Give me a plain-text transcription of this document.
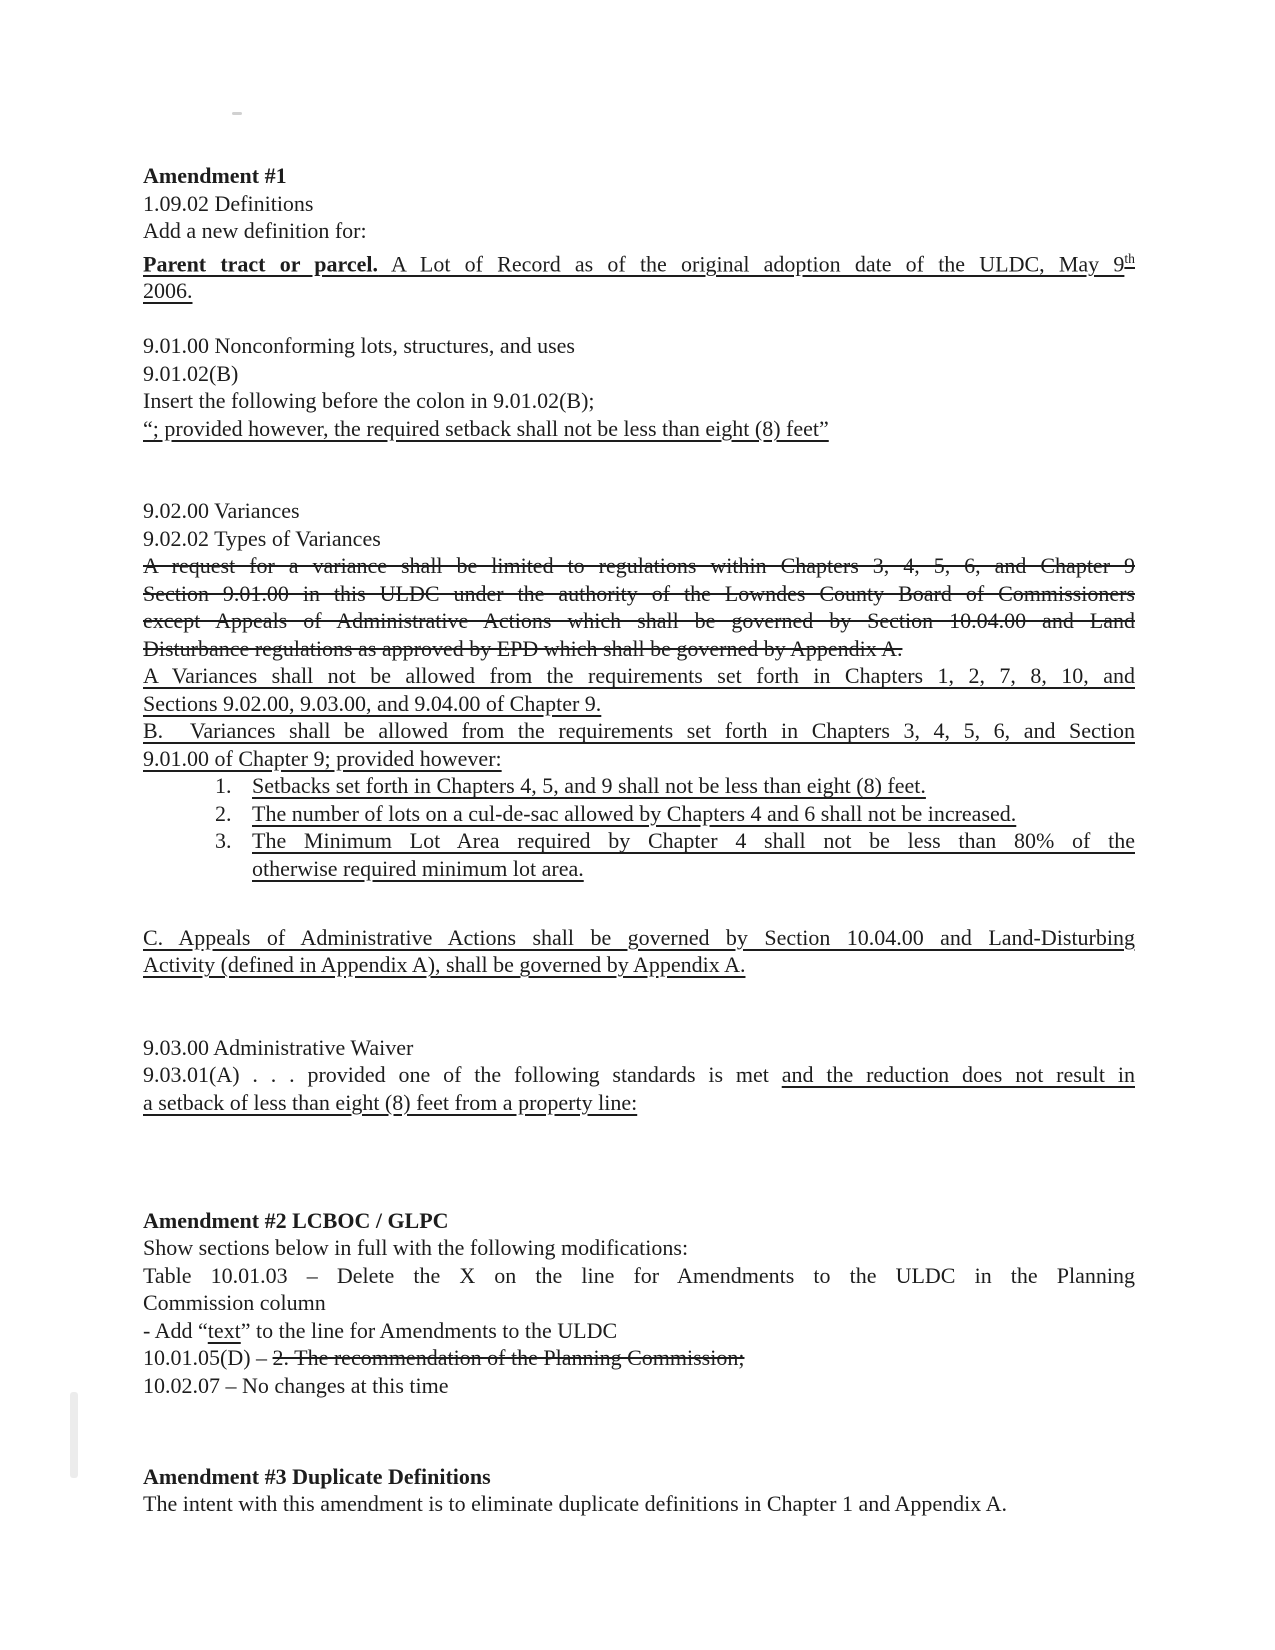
Amendment #1
1.09.02 Definitions
Add a new definition for:
Parent tract or parcel. A Lot of Record as of the original adoption date of the ULDC, May 9th
2006.
9.01.00 Nonconforming lots, structures, and uses
9.01.02(B)
Insert the following before the colon in 9.01.02(B);
“; provided however, the required setback shall not be less than eight (8) feet”
9.02.00 Variances
9.02.02 Types of Variances
A request for a variance shall be limited to regulations within Chapters 3, 4, 5, 6, and Chapter 9
Section 9.01.00 in this ULDC under the authority of the Lowndes County Board of Commissioners
except Appeals of Administrative Actions which shall be governed by Section 10.04.00 and Land
Disturbance regulations as approved by EPD which shall be governed by Appendix A.
A Variances shall not be allowed from the requirements set forth in Chapters 1, 2, 7, 8, 10, and
Sections 9.02.00, 9.03.00, and 9.04.00 of Chapter 9.
B.  Variances shall be allowed from the requirements set forth in Chapters 3, 4, 5, 6, and Section
9.01.00 of Chapter 9; provided however:
1. Setbacks set forth in Chapters 4, 5, and 9 shall not be less than eight (8) feet.
2. The number of lots on a cul-de-sac allowed by Chapters 4 and 6 shall not be increased.
3. The Minimum Lot Area required by Chapter 4 shall not be less than 80% of the
otherwise required minimum lot area.
C. Appeals of Administrative Actions shall be governed by Section 10.04.00 and Land-Disturbing
Activity (defined in Appendix A), shall be governed by Appendix A.
9.03.00 Administrative Waiver
9.03.01(A) . . . provided one of the following standards is met and the reduction does not result in
a setback of less than eight (8) feet from a property line:
Amendment #2 LCBOC / GLPC
Show sections below in full with the following modifications:
Table 10.01.03 – Delete the X on the line for Amendments to the ULDC in the Planning
Commission column
- Add “text” to the line for Amendments to the ULDC
10.01.05(D) – 2. The recommendation of the Planning Commission;
10.02.07 – No changes at this time
Amendment #3 Duplicate Definitions
The intent with this amendment is to eliminate duplicate definitions in Chapter 1 and Appendix A.
